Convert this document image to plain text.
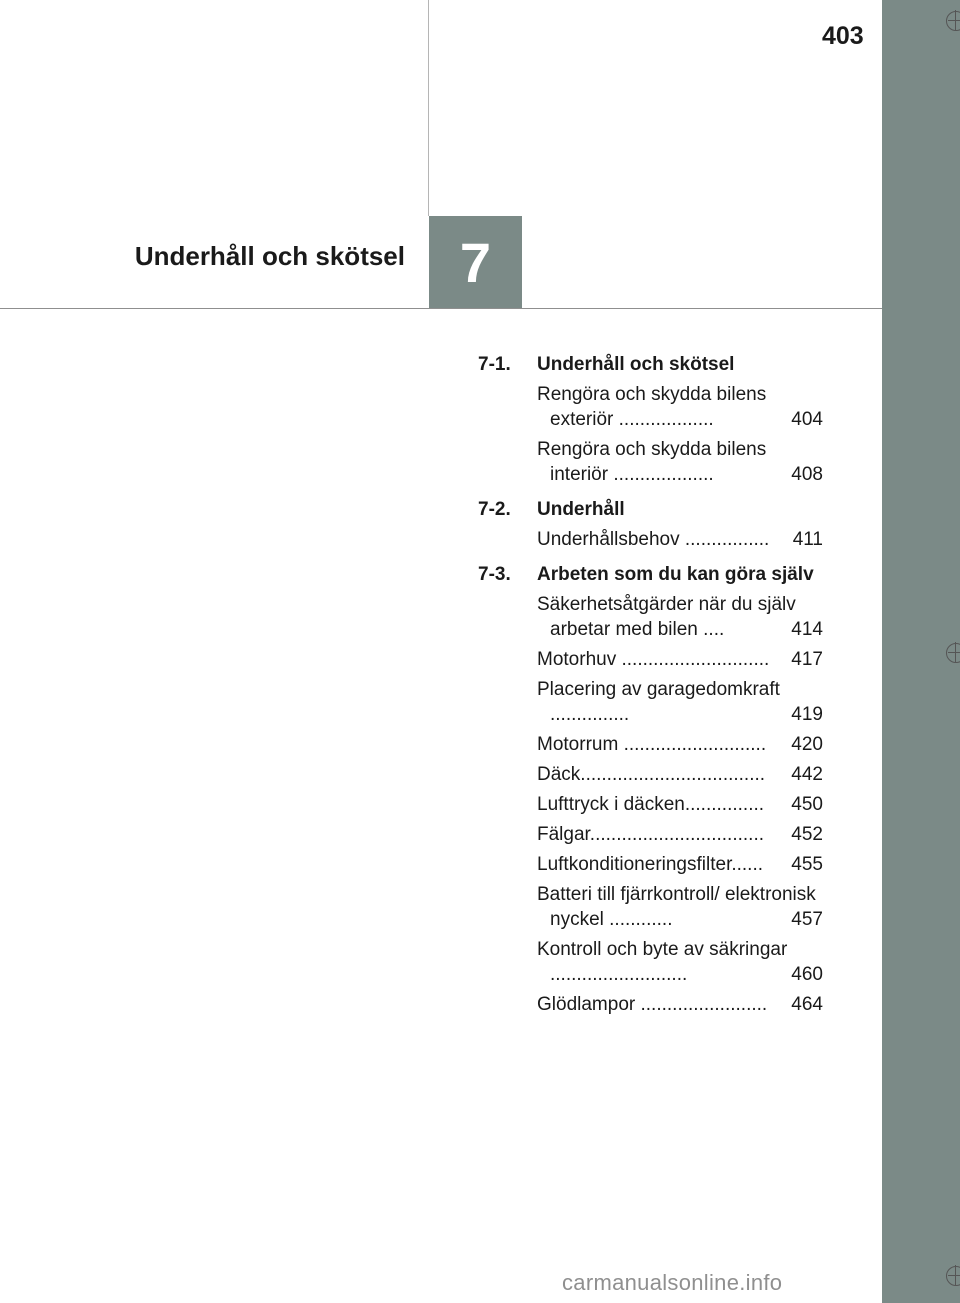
403
Underhåll och skötsel 7
7-1.	Underhåll och skötsel
Rengöra och skydda bilens exteriör ..................	404
Rengöra och skydda bilens interiör ...................	408
7-2.	Underhåll
Underhållsbehov ................ 411
7-3.	Arbeten som du kan göra själv
Säkerhetsåtgärder när du själv arbetar med bilen ....	414
Motorhuv ............................ 417
Placering av garagedomkraft ...............	419
Motorrum ........................... 420
Däck................................... 442
Lufttryck i däcken............... 450
Fälgar................................. 452
Luftkonditioneringsfilter...... 455
Batteri till fjärrkontroll/ elektronisk nyckel ............	457
Kontroll och byte av säkringar ..........................	460
Glödlampor ........................ 464
carmanualsonline.info
